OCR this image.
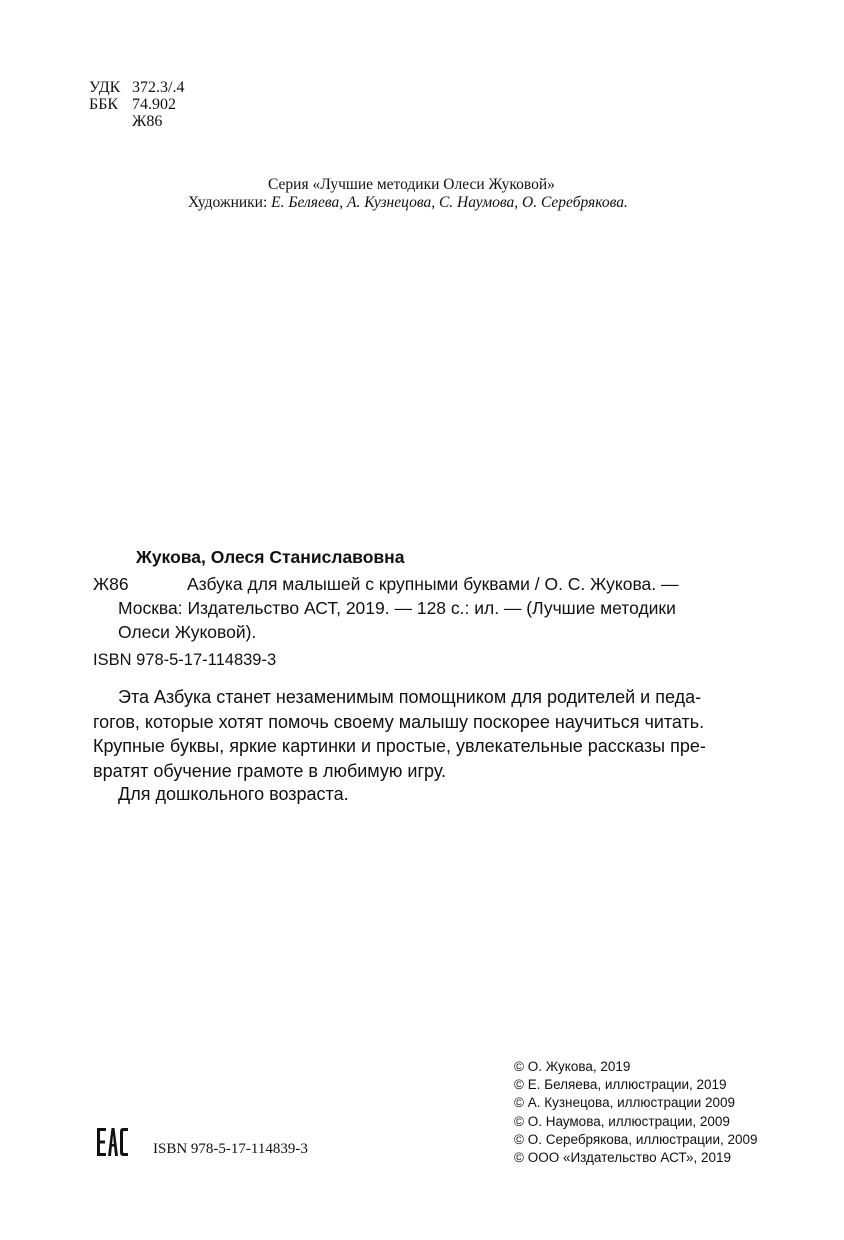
УДК 372.3/.4
ББК 74.902
Ж86
Серия «Лучшие методики Олеси Жуковой»
Художники: Е. Беляева, А. Кузнецова, С. Наумова, О. Серебрякова.
Жукова, Олеся Станиславовна
Ж86	Азбука для малышей с крупными буквами / О. С. Жукова. —
Москва: Издательство АСТ, 2019. — 128 с.: ил. — (Лучшие методики
Олеси Жуковой).
ISBN 978-5-17-114839-3
Эта Азбука станет незаменимым помощником для родителей и педа-
гогов, которые хотят помочь своему малышу поскорее научиться читать.
Крупные буквы, яркие картинки и простые, увлекательные рассказы пре-
вратят обучение грамоте в любимую игру.
Для дошкольного возраста.
© О. Жукова, 2019
© Е. Беляева, иллюстрации, 2019
© А. Кузнецова, иллюстрации 2009
© О. Наумова, иллюстрации, 2009
© О. Серебрякова, иллюстрации, 2009
© ООО «Издательство АСТ», 2019
ISBN 978-5-17-114839-3
